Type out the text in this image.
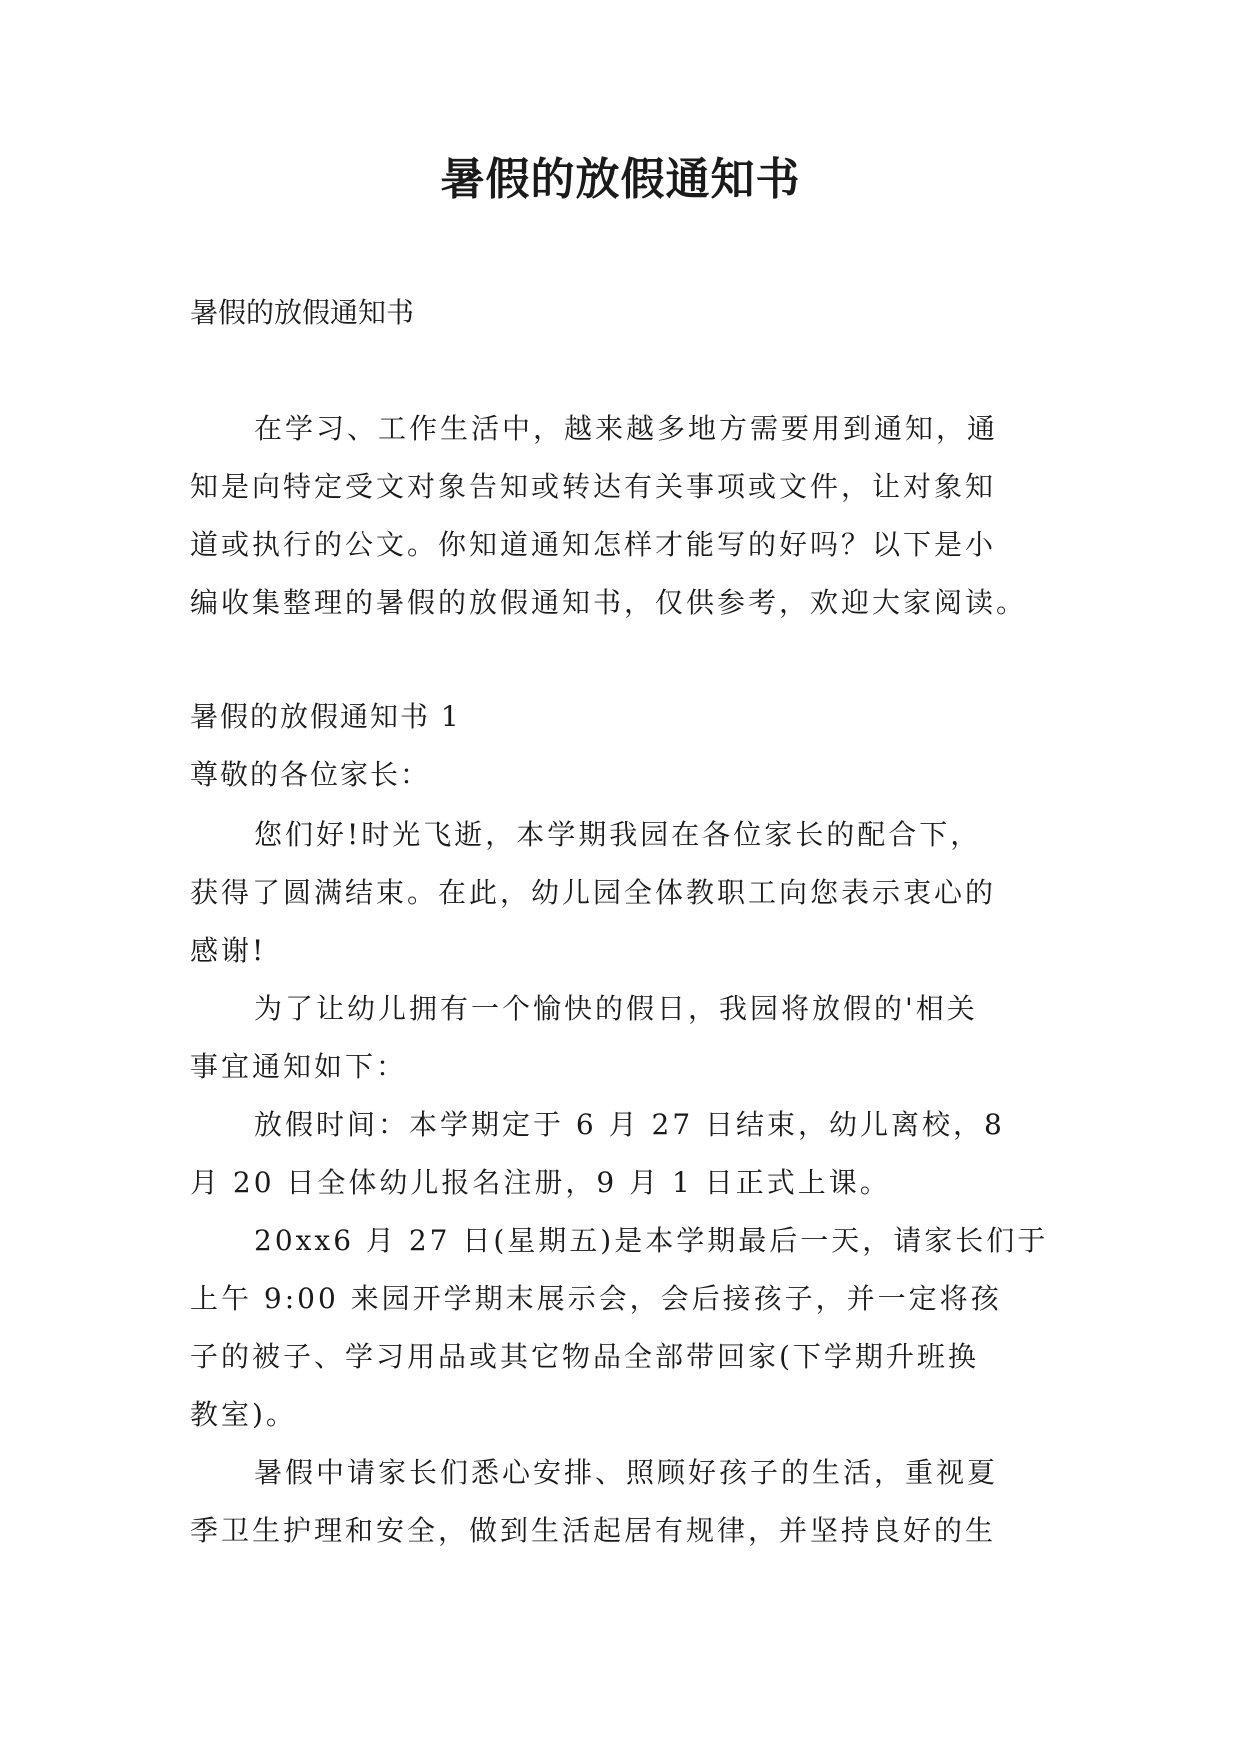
暑假的放假通知书
暑假的放假通知书
在学习、工作生活中，越来越多地方需要用到通知，通
知是向特定受文对象告知或转达有关事项或文件，让对象知
道或执行的公文。你知道通知怎样才能写的好吗？以下是小
编收集整理的暑假的放假通知书，仅供参考，欢迎大家阅读。
暑假的放假通知书 1
尊敬的各位家长：
您们好!时光飞逝，本学期我园在各位家长的配合下，
获得了圆满结束。在此，幼儿园全体教职工向您表示衷心的
感谢!
为了让幼儿拥有一个愉快的假日，我园将放假的'相关
事宜通知如下：
放假时间：本学期定于 6 月 27 日结束，幼儿离校，8
月 20 日全体幼儿报名注册，9 月 1 日正式上课。
20xx6 月 27 日(星期五)是本学期最后一天，请家长们于
上午 9:00 来园开学期末展示会，会后接孩子，并一定将孩
子的被子、学习用品或其它物品全部带回家(下学期升班换
教室)。
暑假中请家长们悉心安排、照顾好孩子的生活，重视夏
季卫生护理和安全，做到生活起居有规律，并坚持良好的生
